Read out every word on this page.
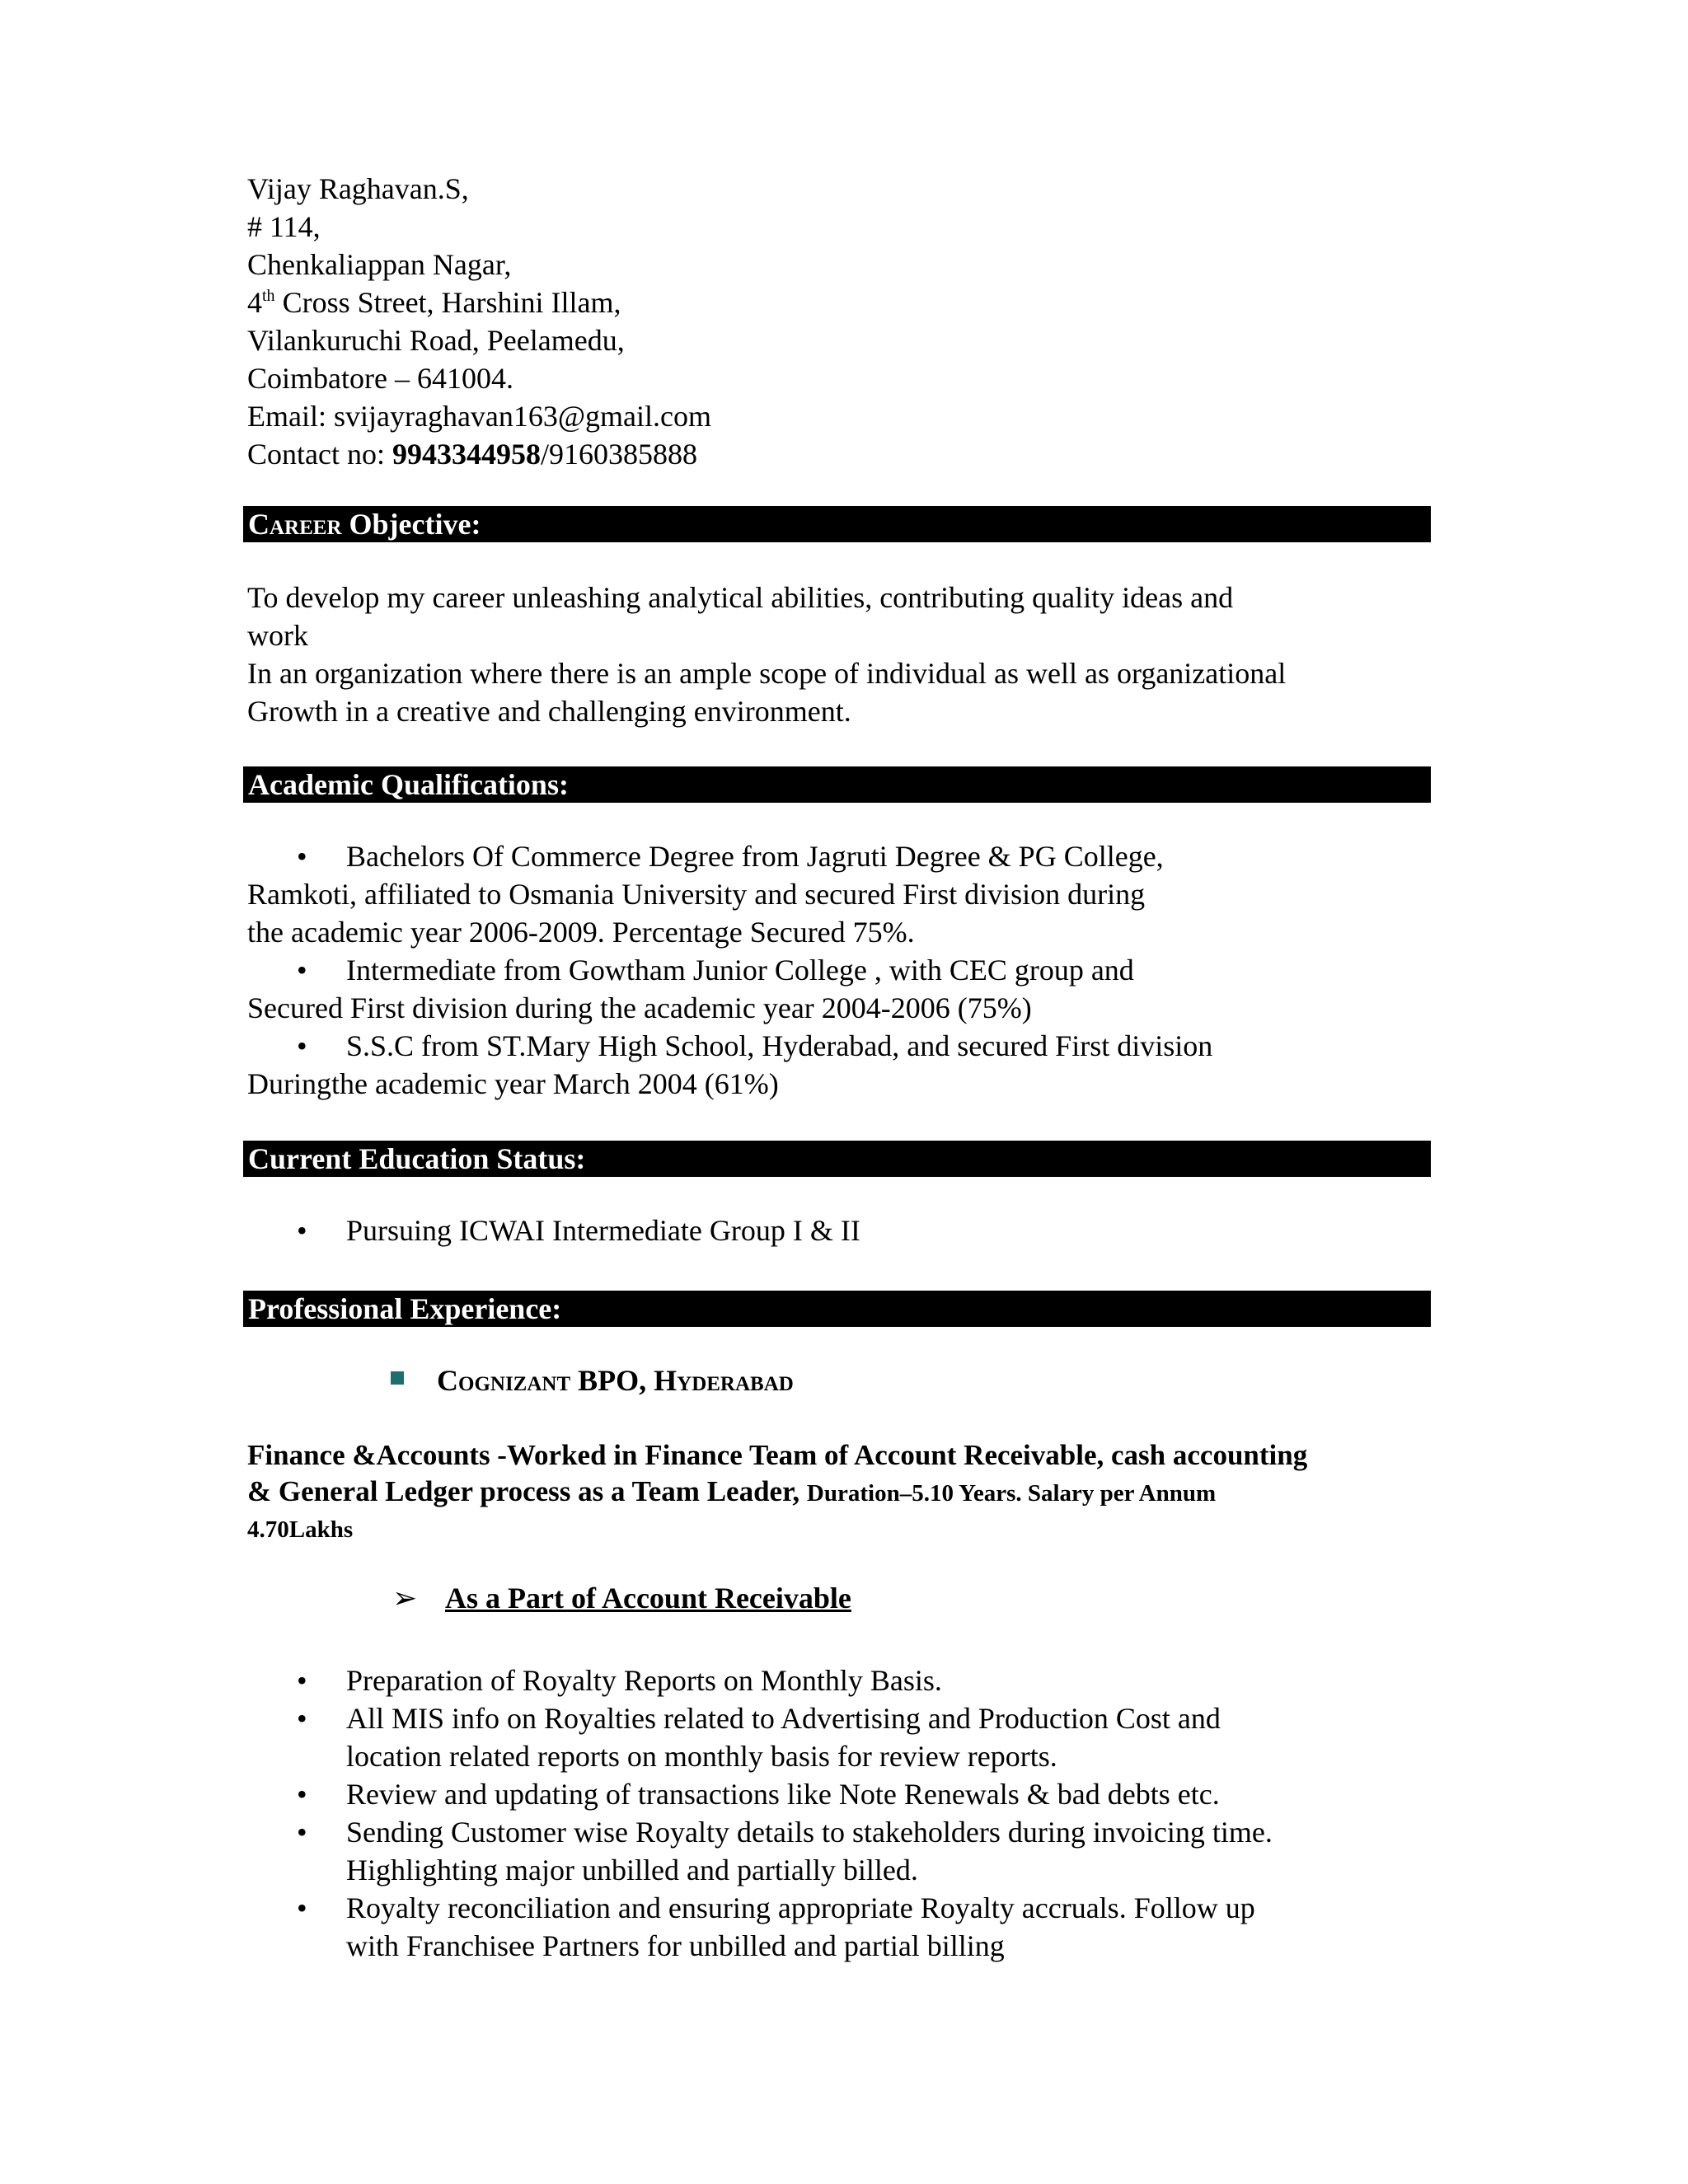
Vijay Raghavan.S,
# 114,
Chenkaliappan Nagar,
4th Cross Street, Harshini Illam,
Vilankuruchi Road, Peelamedu,
Coimbatore – 641004.
Email: svijayraghavan163@gmail.com
Contact no: 9943344958/9160385888
Career Objective:
To develop my career unleashing analytical abilities, contributing quality ideas and
work
In an organization where there is an ample scope of individual as well as organizational
Growth in a creative and challenging environment.
Academic Qualifications:
• Bachelors Of Commerce Degree from Jagruti Degree & PG College,
Ramkoti, affiliated to Osmania University and secured First division during
the academic year 2006-2009. Percentage Secured 75%.
• Intermediate from Gowtham Junior College , with CEC group and
Secured First division during the academic year 2004-2006 (75%)
• S.S.C from ST.Mary High School, Hyderabad, and secured First division
Duringthe academic year March 2004 (61%)
Current Education Status:
• Pursuing ICWAI Intermediate Group I & II
Professional Experience:
Cognizant BPO, Hyderabad
Finance &Accounts -Worked in Finance Team of Account Receivable, cash accounting
& General Ledger process as a Team Leader, Duration–5.10 Years. Salary per Annum
4.70Lakhs
➢ As a Part of Account Receivable
• Preparation of Royalty Reports on Monthly Basis.
• All MIS info on Royalties related to Advertising and Production Cost and
location related reports on monthly basis for review reports.
• Review and updating of transactions like Note Renewals & bad debts etc.
• Sending Customer wise Royalty details to stakeholders during invoicing time.
Highlighting major unbilled and partially billed.
• Royalty reconciliation and ensuring appropriate Royalty accruals. Follow up
with Franchisee Partners for unbilled and partial billing
